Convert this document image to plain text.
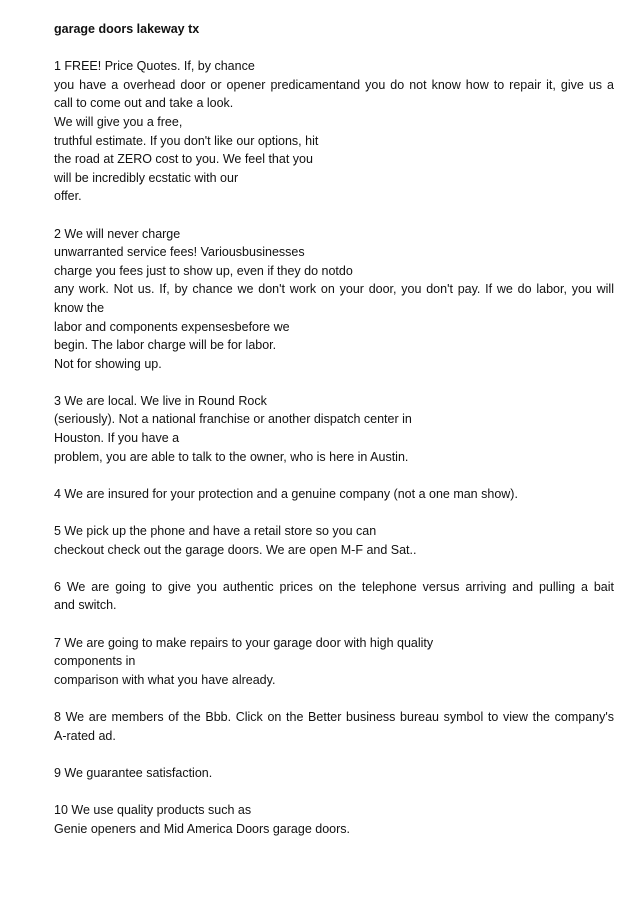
garage doors lakeway tx
1 FREE! Price Quotes. If, by chance
you have a overhead door or opener predicamentand you do not know how to repair it, give us a
call to come out and take a look.
We will give you a free,
truthful estimate. If you don't like our options, hit
the road at ZERO cost to you. We feel that you
will be incredibly ecstatic with our
offer.
2 We will never charge
unwarranted service fees! Variousbusinesses
charge you fees just to show up, even if they do notdo
any work. Not us. If, by chance we don't work on your door, you don't pay. If we do labor, you will
know the
labor and components expensesbefore we
begin. The labor charge will be for labor.
Not for showing up.
3 We are local. We live in Round Rock
(seriously). Not a national franchise or another dispatch center in
Houston. If you have a
problem, you are able to talk to the owner, who is here in Austin.
4 We are insured for your protection and a genuine company (not a one man show).
5 We pick up the phone and have a retail store so you can
checkout check out the garage doors. We are open M-F and Sat..
6 We are going to give you authentic prices on the telephone versus arriving and pulling a bait
and switch.
7 We are going to make repairs to your garage door with high quality
components in
comparison with what you have already.
8 We are members of the Bbb. Click on the Better business bureau symbol to view the company's
A-rated ad.
9 We guarantee satisfaction.
10 We use quality products such as
Genie openers and Mid America Doors garage doors.
